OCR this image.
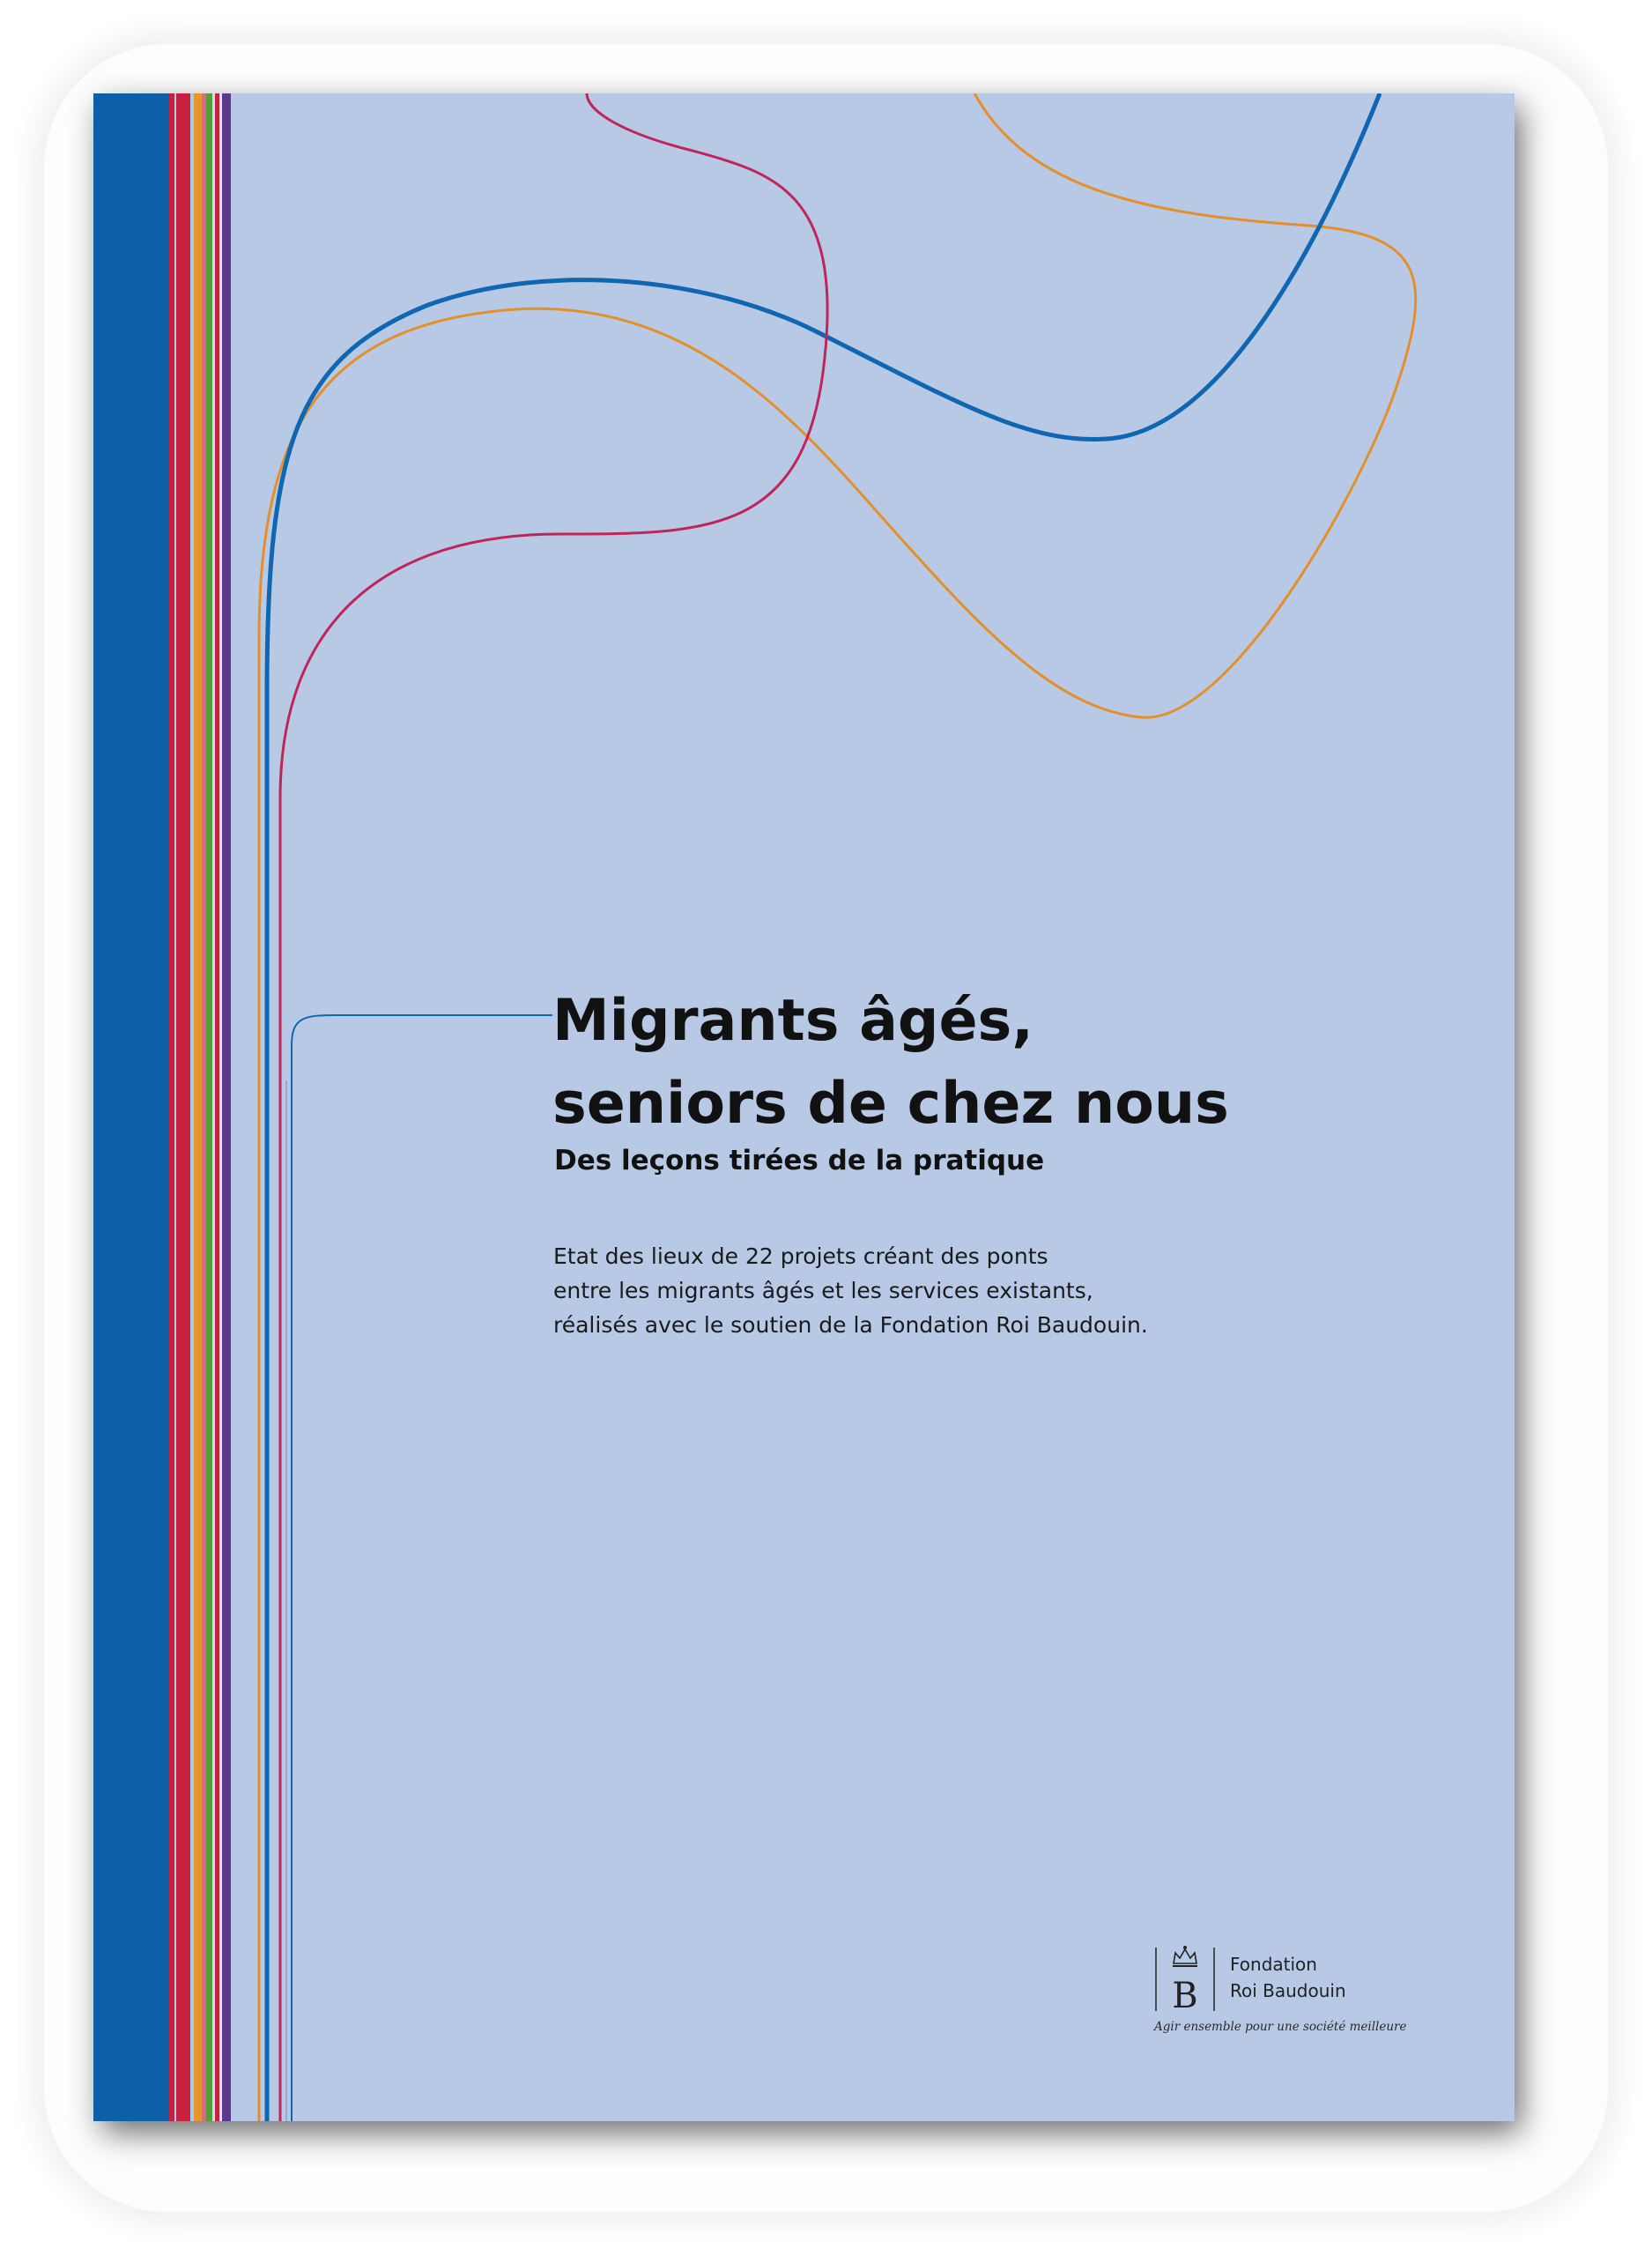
Migrants âgés,
seniors de chez nous
Des leçons tirées de la pratique

Etat des lieux de 22 projets créant des ponts
entre les migrants âgés et les services existants,
réalisés avec le soutien de la Fondation Roi Baudouin.

B
Fondation
Roi Baudouin
Agir ensemble pour une société meilleure
